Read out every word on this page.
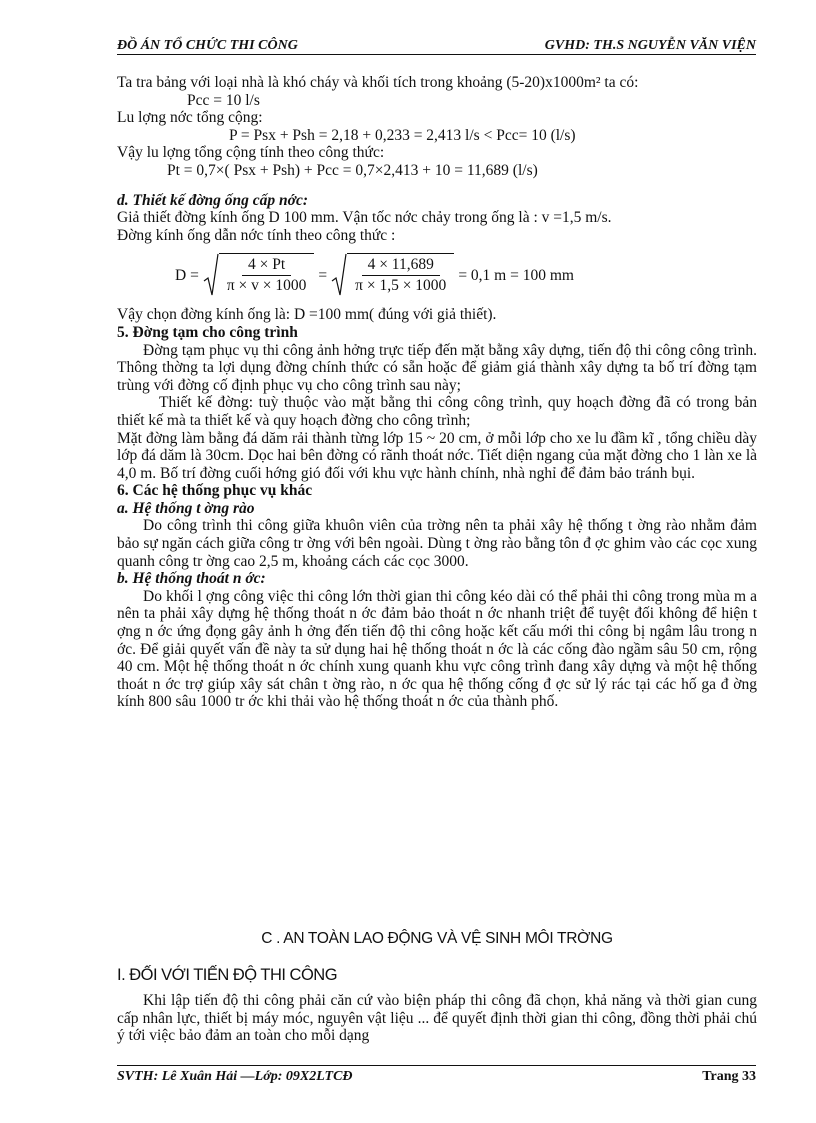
ĐỒ ÁN TỔ CHỨC THI CÔNG	GVHD: TH.S NGUYỄN VĂN VIỆN

Ta tra bảng với loại nhà là khó cháy và khối tích trong khoảng (5-20)x1000m² ta có:

Pcc = 10 l/s

Lu lợng nớc tổng cộng:

P = Psx + Psh = 2,18 + 0,233 = 2,413 l/s < Pcc= 10 (l/s)

Vậy lu lợng tổng cộng tính theo công thức:

Pt = 0,7×( Psx + Psh) + Pcc = 0,7×2,413 + 10 = 11,689 (l/s)

d. Thiết kế đờng ống cấp nớc:

Giả thiết đờng kính ống D 100 mm. Vận tốc nớc chảy trong ống là : v =1,5 m/s.

Đờng kính ống dẫn nớc tính theo công thức :

$D = \frac{4 \times Pt}{\pi \times v \times 1000} = \frac{4 \times 11,689}{\pi \times 1,5 \times 1000} = 0,1$ m = 100 mm

Vậy chọn đờng kính ống là: D =100 mm( đúng với giả thiết).

5. Đờng tạm cho công trình

Đờng tạm phục vụ thi công ảnh hởng trực tiếp đến mặt bằng xây dựng, tiến độ thi công công trình. Thông thờng ta lợi dụng đờng chính thức có sẵn hoặc để giảm giá thành xây dựng ta bố trí đờng tạm trùng với đờng cố định phục vụ cho công trình sau này;

Thiết kế đờng: tuỳ thuộc vào mặt bằng thi công công trình, quy hoạch đờng đã có trong bản thiết kế mà ta thiết kế và quy hoạch đờng cho công trình;

Mặt đờng làm bằng đá dăm rải thành từng lớp 15 ~ 20 cm, ở mỗi lớp cho xe lu đầm kĩ , tổng chiều dày lớp đá dăm là 30cm. Dọc hai bên đờng có rãnh thoát nớc. Tiết diện ngang của mặt đờng cho 1 làn xe là 4,0 m. Bố trí đờng cuối hớng gió đối với khu vực hành chính, nhà nghỉ để đảm bảo tránh bụi.

6. Các hệ thống phục vụ khác

a. Hệ thống t ờng rào

Do công trình thi công giữa khuôn viên của trờng nên ta phải xây hệ thống t ờng rào nhằm đảm bảo sự ngăn cách giữa công tr ờng với bên ngoài. Dùng t ờng rào bằng tôn đ ợc ghim vào các cọc xung quanh công tr ờng cao 2,5 m, khoảng cách các cọc 3000.

b. Hệ thống thoát n ớc:

Do khối l ợng công việc thi công lớn thời gian thi công kéo dài có thể phải thi công trong mùa m a nên ta phải xây dựng hệ thống thoát n ớc đảm bảo thoát n ớc nhanh triệt để tuyệt đối không để hiện t ợng n ớc ứng đọng gây ảnh h ởng đến tiến độ thi công hoặc kết cấu mới thi công bị ngâm lâu trong n ớc. Để giải quyết vấn đề này ta sử dụng hai hệ thống thoát n ớc là các cống đào ngầm sâu 50 cm, rộng 40 cm. Một hệ thống thoát n ớc chính xung quanh khu vực công trình đang xây dựng và một hệ thống thoát n ớc trợ giúp xây sát chân t ờng rào, n ớc qua hệ thống cống đ ợc sử lý rác tại các hố ga đ ờng kính 800 sâu 1000 tr ớc khi thải vào hệ thống thoát n ớc của thành phố.

C . AN TOÀN LAO ĐỘNG VÀ VỆ SINH MÔI TRỜNG
I. ĐỐI VỚI TIẾN ĐỘ THI CÔNG

Khi lập tiến độ thi công phải căn cứ vào biện pháp thi công đã chọn, khả năng và thời gian cung cấp nhân lực, thiết bị máy móc, nguyên vật liệu ... để quyết định thời gian thi công, đồng thời phải chú ý tới việc bảo đảm an toàn cho mỗi dạng

SVTH: Lê Xuân Hải —Lớp: 09X2LTCĐ	Trang 33
